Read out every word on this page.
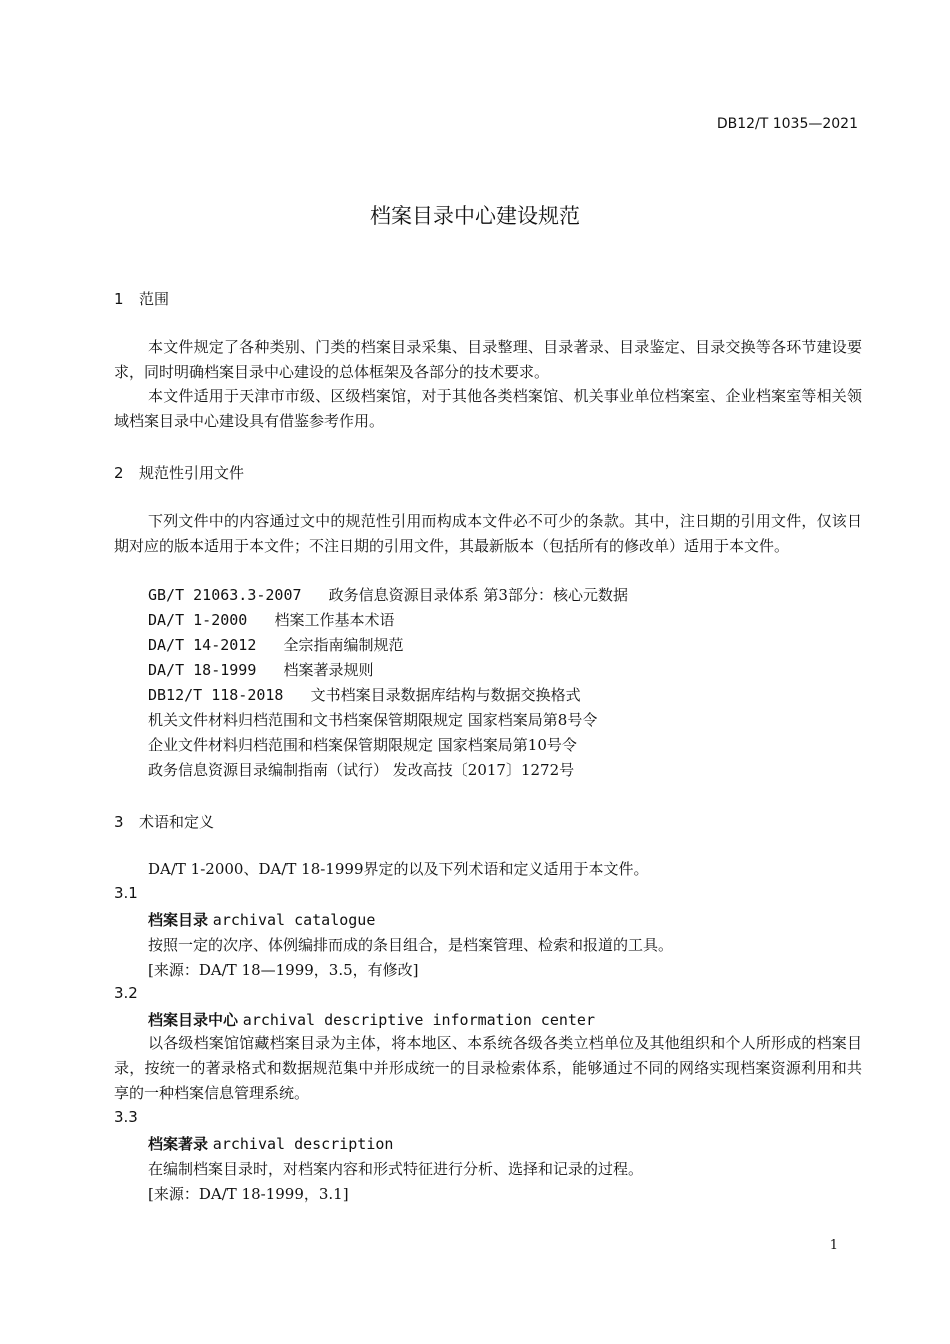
DB12/T 1035—2021
档案目录中心建设规范
1 范围
本文件规定了各种类别、门类的档案目录采集、目录整理、目录著录、目录鉴定、目录交换等各环节建设要求，同时明确档案目录中心建设的总体框架及各部分的技术要求。
本文件适用于天津市市级、区级档案馆，对于其他各类档案馆、机关事业单位档案室、企业档案室等相关领域档案目录中心建设具有借鉴参考作用。
2 规范性引用文件
下列文件中的内容通过文中的规范性引用而构成本文件必不可少的条款。其中，注日期的引用文件，仅该日期对应的版本适用于本文件；不注日期的引用文件，其最新版本（包括所有的修改单）适用于本文件。
GB/T 21063.3-2007 政务信息资源目录体系 第3部分：核心元数据
DA/T 1-2000 档案工作基本术语
DA/T 14-2012 全宗指南编制规范
DA/T 18-1999 档案著录规则
DB12/T 118-2018 文书档案目录数据库结构与数据交换格式
机关文件材料归档范围和文书档案保管期限规定 国家档案局第8号令
企业文件材料归档范围和档案保管期限规定 国家档案局第10号令
政务信息资源目录编制指南（试行） 发改高技〔2017〕1272号
3 术语和定义
DA/T 1-2000、DA/T 18-1999界定的以及下列术语和定义适用于本文件。
3.1
档案目录 archival catalogue
按照一定的次序、体例编排而成的条目组合，是档案管理、检索和报道的工具。
[来源：DA/T 18—1999，3.5，有修改]
3.2
档案目录中心 archival descriptive information center
以各级档案馆馆藏档案目录为主体，将本地区、本系统各级各类立档单位及其他组织和个人所形成的档案目录，按统一的著录格式和数据规范集中并形成统一的目录检索体系，能够通过不同的网络实现档案资源利用和共享的一种档案信息管理系统。
3.3
档案著录 archival description
在编制档案目录时，对档案内容和形式特征进行分析、选择和记录的过程。
[来源：DA/T 18-1999，3.1]
1
